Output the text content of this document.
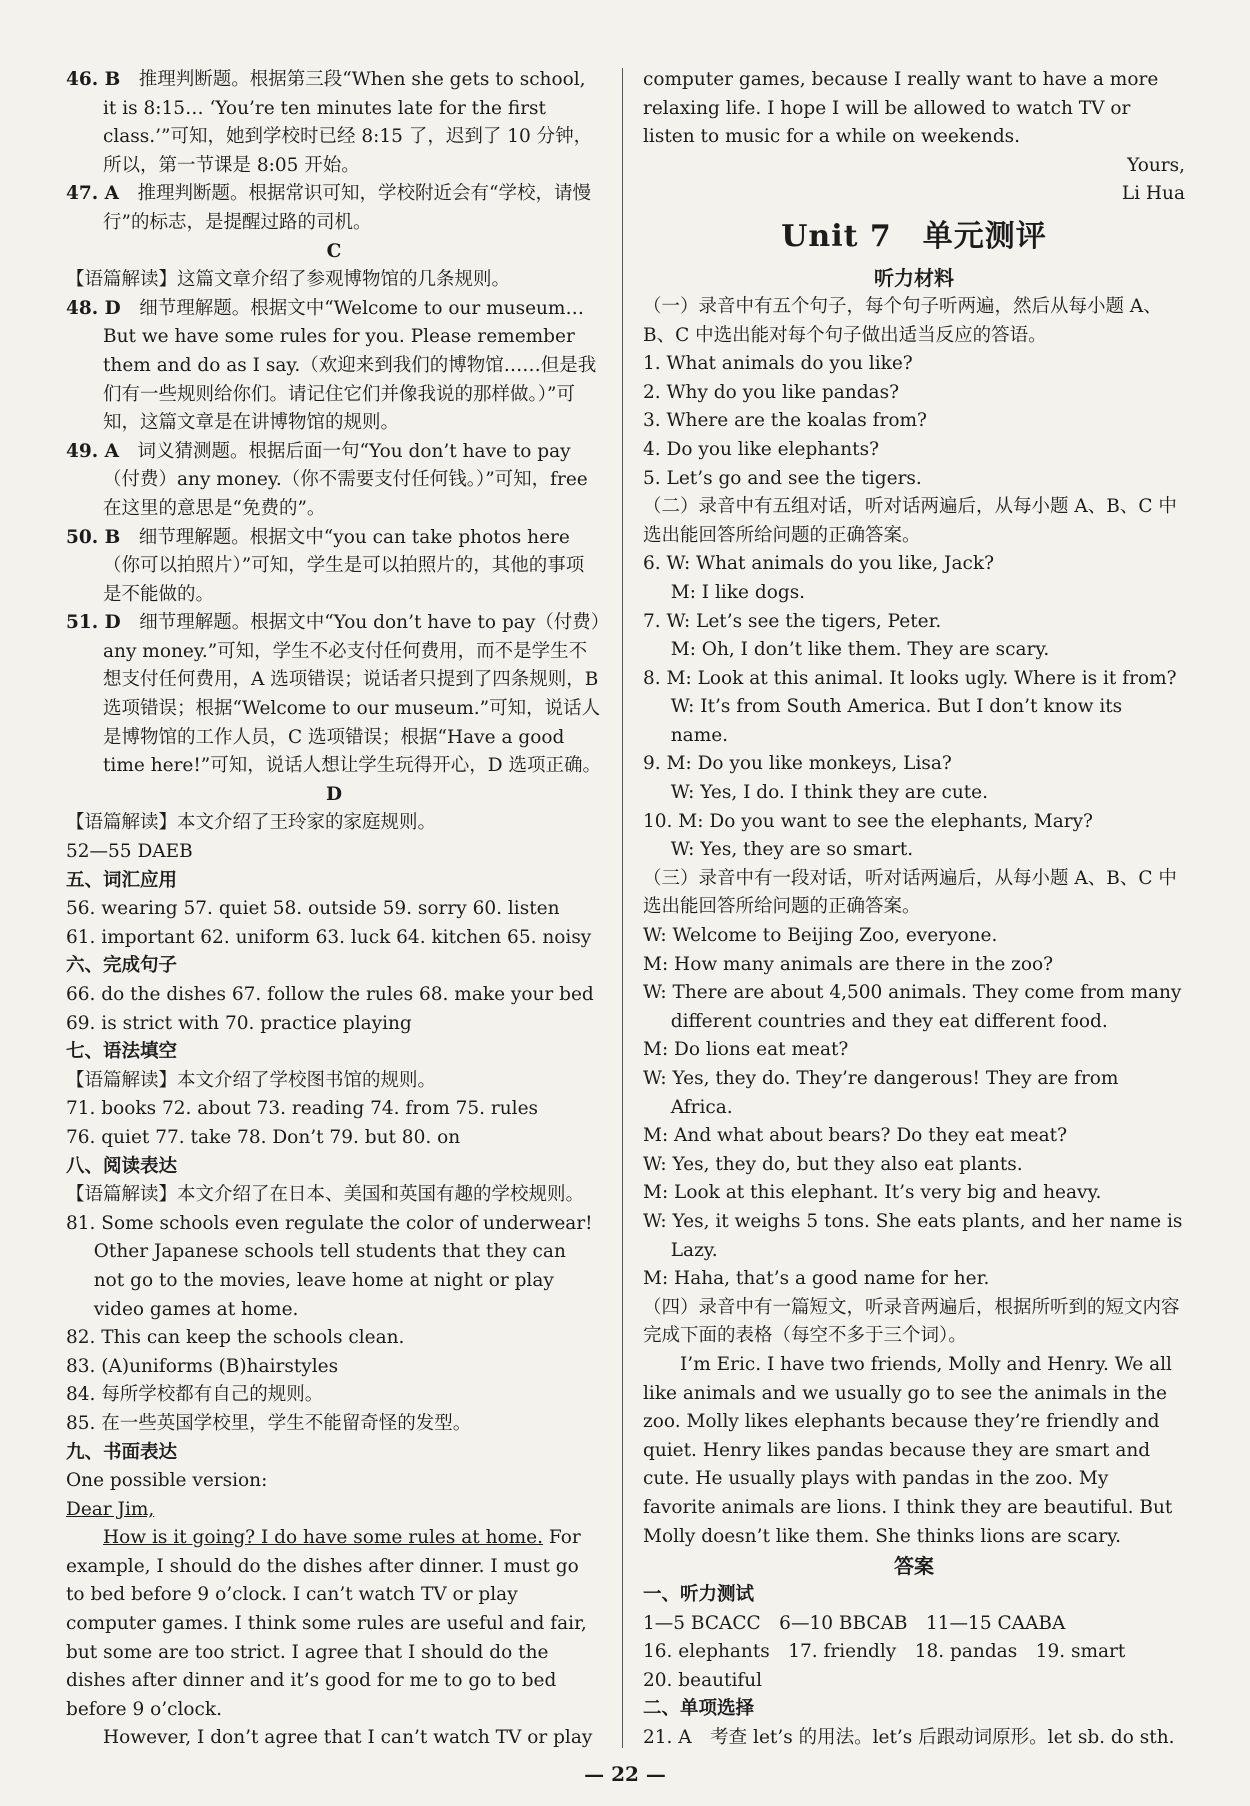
46. B　 推理判断题。根据第三段“When she gets to school, it is 8:15… ‘You’re ten minutes late for the first class.’”可知，她到学校时已经 8:15 了，迟到了 10 分钟，所以，第一节课是 8:05 开始。

47. A　 推理判断题。根据常识可知，学校附近会有“学校，请慢行”的标志，是提醒过路的司机。

C

【语篇解读】这篇文章介绍了参观博物馆的几条规则。

48. D　 细节理解题。根据文中“Welcome to our museum… But we have some rules for you. Please remember them and do as I say.（欢迎来到我们的博物馆……但是我们有一些规则给你们。请记住它们并像我说的那样做。）”可知，这篇文章是在讲博物馆的规则。

49. A　 词义猜测题。根据后面一句“You don’t have to pay（付费）any money.（你不需要支付任何钱。）”可知，free 在这里的意思是“免费的”。

50. B　 细节理解题。根据文中“you can take photos here（你可以拍照片）”可知，学生是可以拍照片的，其他的事项是不能做的。

51. D　 细节理解题。根据文中“You don’t have to pay（付费）any money.”可知，学生不必支付任何费用，而不是学生不想支付任何费用，A 选项错误；说话者只提到了四条规则，B 选项错误；根据“Welcome to our museum.”可知，说话人是博物馆的工作人员，C 选项错误；根据“Have a good time here!”可知，说话人想让学生玩得开心，D 选项正确。

D

【语篇解读】本文介绍了王玲家的家庭规则。

52—55 DAEB

五、词汇应用

56. wearing 57. quiet 58. outside 59. sorry 60. listen

61. important 62. uniform 63. luck 64. kitchen 65. noisy

六、完成句子

66. do the dishes 67. follow the rules 68. make your bed

69. is strict with 70. practice playing

七、语法填空

【语篇解读】本文介绍了学校图书馆的规则。

71. books 72. about 73. reading 74. from 75. rules

76. quiet 77. take 78. Don’t 79. but 80. on

八、阅读表达

【语篇解读】本文介绍了在日本、美国和英国有趣的学校规则。

81. Some schools even regulate the color of underwear! Other Japanese schools tell students that they can not go to the movies, leave home at night or play video games at home.

82. This can keep the schools clean.

83. (A)uniforms (B)hairstyles

84. 每所学校都有自己的规则。

85. 在一些英国学校里，学生不能留奇怪的发型。

九、书面表达

One possible version:

Dear Jim,

How is it going? I do have some rules at home. For example, I should do the dishes after dinner. I must go to bed before 9 o’clock. I can’t watch TV or play computer games. I think some rules are useful and fair, but some are too strict. I agree that I should do the dishes after dinner and it’s good for me to go to bed before 9 o’clock.

However, I don’t agree that I can’t watch TV or play

computer games, because I really want to have a more relaxing life. I hope I will be allowed to watch TV or listen to music for a while on weekends.

Yours,

Li Hua

Unit 7　单元测评

听力材料

（一）录音中有五个句子，每个句子听两遍，然后从每小题 A、B、C 中选出能对每个句子做出适当反应的答语。

1. What animals do you like?

2. Why do you like pandas?

3. Where are the koalas from?

4. Do you like elephants?

5. Let’s go and see the tigers.

（二）录音中有五组对话，听对话两遍后，从每小题 A、B、C 中选出能回答所给问题的正确答案。

6. W: What animals do you like, Jack?

M: I like dogs.

7. W: Let’s see the tigers, Peter.

M: Oh, I don’t like them. They are scary.

8. M: Look at this animal. It looks ugly. Where is it from?

W: It’s from South America. But I don’t know its name.

9. M: Do you like monkeys, Lisa?

W: Yes, I do. I think they are cute.

10. M: Do you want to see the elephants, Mary?

W: Yes, they are so smart.

（三）录音中有一段对话，听对话两遍后，从每小题 A、B、C 中选出能回答所给问题的正确答案。

W: Welcome to Beijing Zoo, everyone.

M: How many animals are there in the zoo?

W: There are about 4,500 animals. They come from many different countries and they eat different food.

M: Do lions eat meat?

W: Yes, they do. They’re dangerous! They are from Africa.

M: And what about bears? Do they eat meat?

W: Yes, they do, but they also eat plants.

M: Look at this elephant. It’s very big and heavy.

W: Yes, it weighs 5 tons. She eats plants, and her name is Lazy.

M: Haha, that’s a good name for her.

（四）录音中有一篇短文，听录音两遍后，根据所听到的短文内容完成下面的表格（每空不多于三个词）。

I’m Eric. I have two friends, Molly and Henry. We all like animals and we usually go to see the animals in the zoo. Molly likes elephants because they’re friendly and quiet. Henry likes pandas because they are smart and cute. He usually plays with pandas in the zoo. My favorite animals are lions. I think they are beautiful. But Molly doesn’t like them. She thinks lions are scary.

答案

一、听力测试

1—5 BCACC　6—10 BBCAB　11—15 CAABA

16. elephants　17. friendly　18. pandas　19. smart

20. beautiful

二、单项选择

21. A　考查 let’s 的用法。let’s 后跟动词原形。let sb. do sth.

— 22 —
